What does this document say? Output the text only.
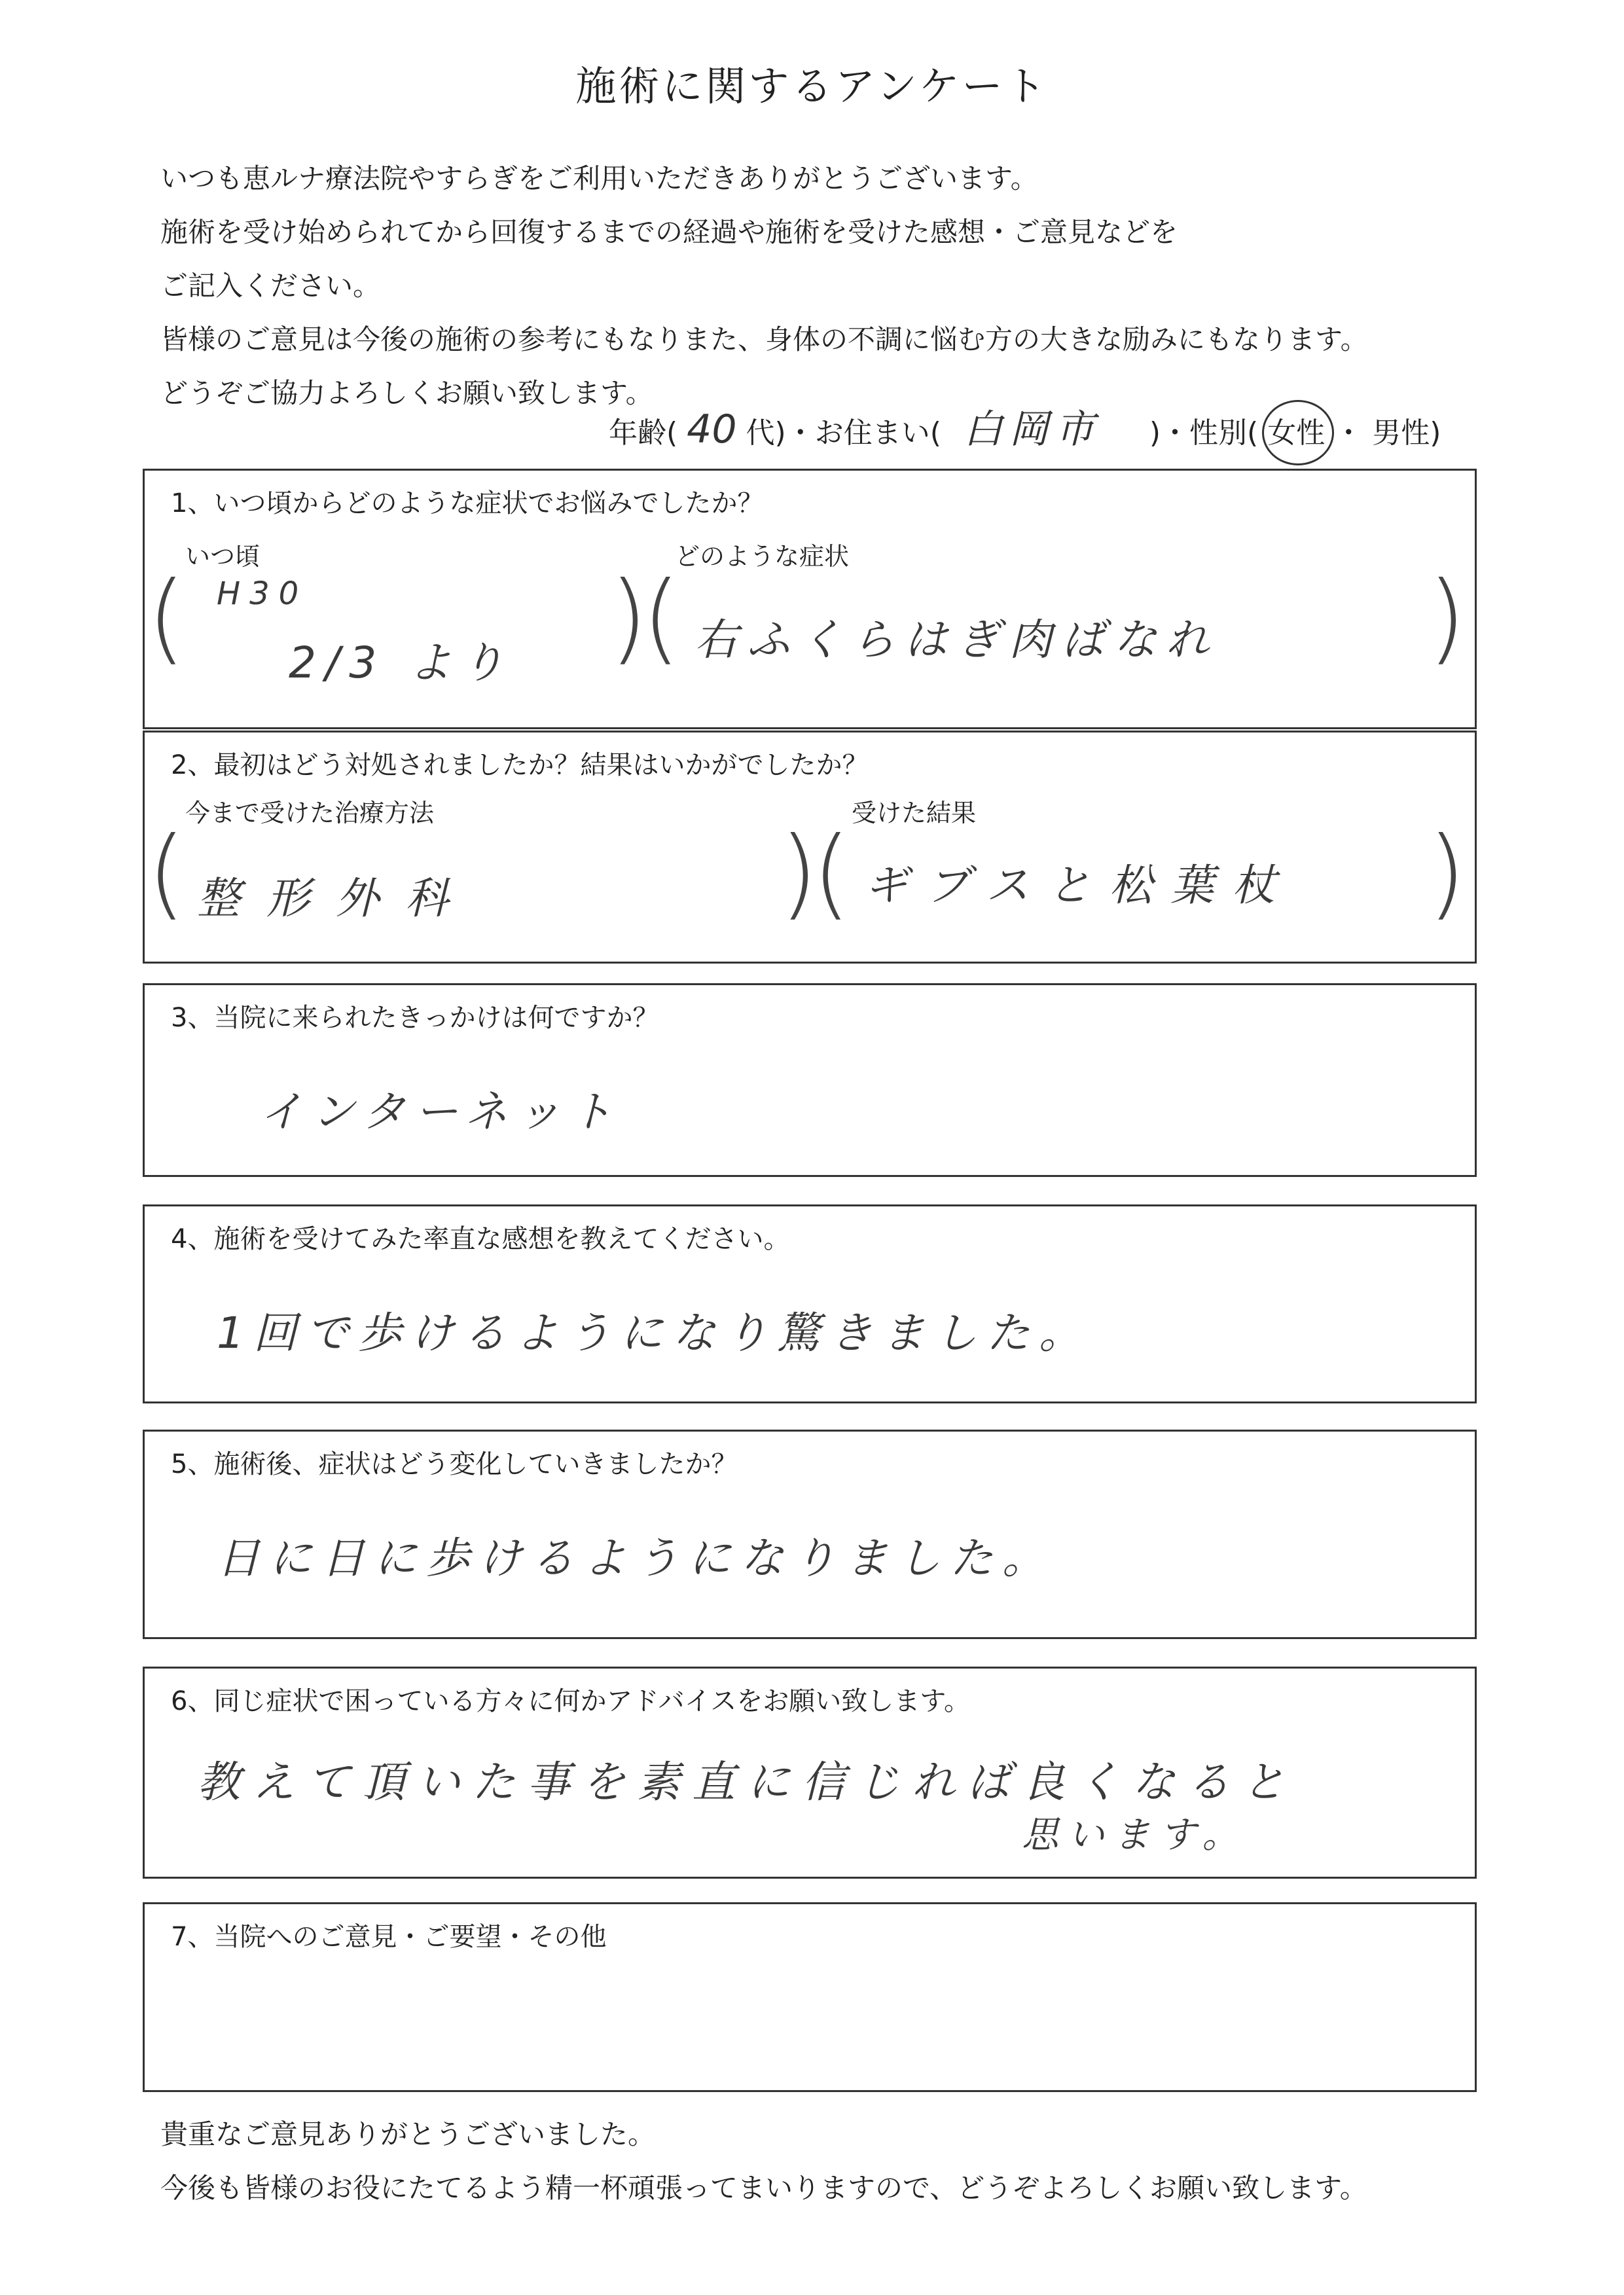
施術に関するアンケート
いつも恵ルナ療法院やすらぎをご利用いただきありがとうございます。
施術を受け始められてから回復するまでの経過や施術を受けた感想・ご意見などを
ご記入ください。
皆様のご意見は今後の施術の参考にもなりまた、身体の不調に悩む方の大きな励みにもなります。
どうぞご協力よろしくお願い致します。
年齢( 40 代)・お住まい( 白岡市 )・性別( 女性 ・ 男性)
1、いつ頃からどのような症状でお悩みでしたか？
いつ頃	どのような症状
(	)
(	)
H30
2/3 より	右ふくらはぎ肉ばなれ
2、最初はどう対処されましたか？結果はいかがでしたか？
今まで受けた治療方法	受けた結果
(	)
(	)
整形外科	ギブスと松葉杖
3、当院に来られたきっかけは何ですか？
インターネット
4、施術を受けてみた率直な感想を教えてください。
1回で歩けるようになり驚きました。
5、施術後、症状はどう変化していきましたか？
日に日に歩けるようになりました。
6、同じ症状で困っている方々に何かアドバイスをお願い致します。
教えて頂いた事を素直に信じれば良くなると
思います。
7、当院へのご意見・ご要望・その他
貴重なご意見ありがとうございました。
今後も皆様のお役にたてるよう精一杯頑張ってまいりますので、どうぞよろしくお願い致します。
